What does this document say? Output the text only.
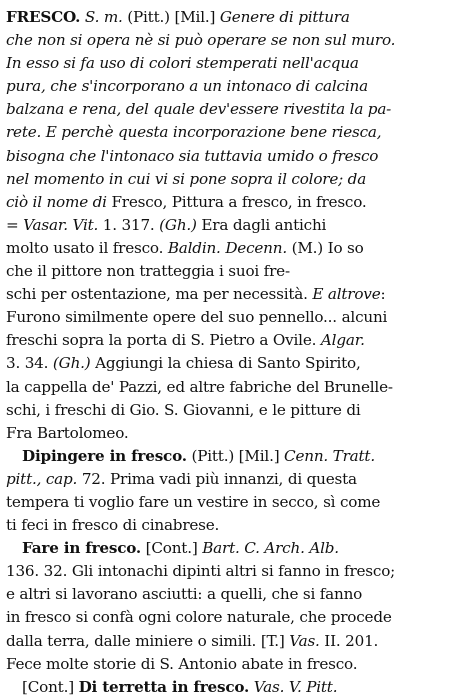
FRESCO. S. m. (Pitt.) [Mil.] Genere di pittura
che non si opera nè si può operare se non sul muro.
In esso si fa uso di colori stemperati nell'acqua
pura, che s'incorporano a un intonaco di calcina
balzana e rena, del quale dev'essere rivestita la pa-
rete. E perchè questa incorporazione bene riesca,
bisogna che l'intonaco sia tuttavia umido o fresco
nel momento in cui vi si pone sopra il colore; da
ciò il nome di Fresco, Pittura a fresco, in fresco.
= Vasar. Vit. 1. 317. (Gh.) Era dagli antichi
molto usato il fresco. Baldin. Decenn. (M.) Io so
che il pittore non tratteggia i suoi fre-
schi per ostentazione, ma per necessità. E altrove:
Furono similmente opere del suo pennello... alcuni
freschi sopra la porta di S. Pietro a Ovile. Algar.
3. 34. (Gh.) Aggiungi la chiesa di Santo Spirito,
la cappella de' Pazzi, ed altre fabriche del Brunelle-
schi, i freschi di Gio. S. Giovanni, e le pitture di
Fra Bartolomeo.
Dipingere in fresco. (Pitt.) [Mil.] Cenn. Tratt.
pitt., cap. 72. Prima vadi più innanzi, di questa
tempera ti voglio fare un vestire in secco, sì come
ti feci in fresco di cinabrese.
Fare in fresco. [Cont.] Bart. C. Arch. Alb.
136. 32. Gli intonachi dipinti altri si fanno in fresco;
e altri si lavorano asciutti: a quelli, che si fanno
in fresco si confà ogni colore naturale, che procede
dalla terra, dalle miniere o simili. [T.] Vas. II. 201.
Fece molte storie di S. Antonio abate in fresco.
[Cont.] Di terretta in fresco. Vas. V. Pitt.
